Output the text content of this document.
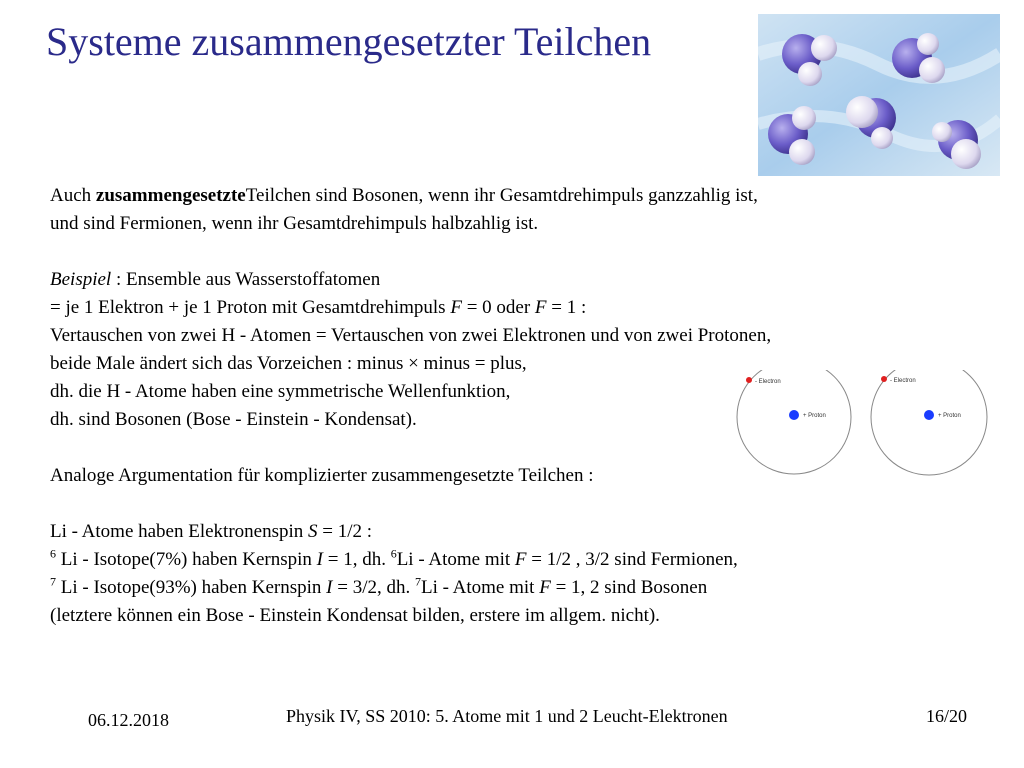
Systeme zusammengesetzter Teilchen
Auch zusammengesetzteTeilchen sind Bosonen, wenn ihr Gesamtdrehimpuls ganzzahlig ist,
und sind Fermionen, wenn ihr Gesamtdrehimpuls halbzahlig ist.
Beispiel : Ensemble aus Wasserstoffatomen
= je 1 Elektron + je 1 Proton mit Gesamtdrehimpuls F = 0 oder F = 1 :
Vertauschen von zwei H - Atomen = Vertauschen von zwei Elektronen und von zwei Protonen,
beide Male ändert sich das Vorzeichen : minus × minus = plus,
dh. die H - Atome haben eine symmetrische Wellenfunktion,
dh. sind Bosonen (Bose - Einstein - Kondensat).
Analoge Argumentation für komplizierter zusammengesetzte Teilchen :
Li - Atome haben Elektronenspin S = 1/2 :
$^6$ Li - Isotope(7%) haben Kernspin I = 1, dh. $^6$Li - Atome mit F = 1/2 , 3/2 sind Fermionen,
$^7$ Li - Isotope(93%) haben Kernspin I = 3/2, dh. $^7$Li - Atome mit F = 1, 2 sind Bosonen
(letztere können ein Bose - Einstein Kondensat bilden, erstere im allgem. nicht).
- Electron
+ Proton
- Electron
+ Proton
06.12.2018	Physik IV, SS 2010: 5. Atome mit 1 und 2 Leucht-Elektronen	16/20
